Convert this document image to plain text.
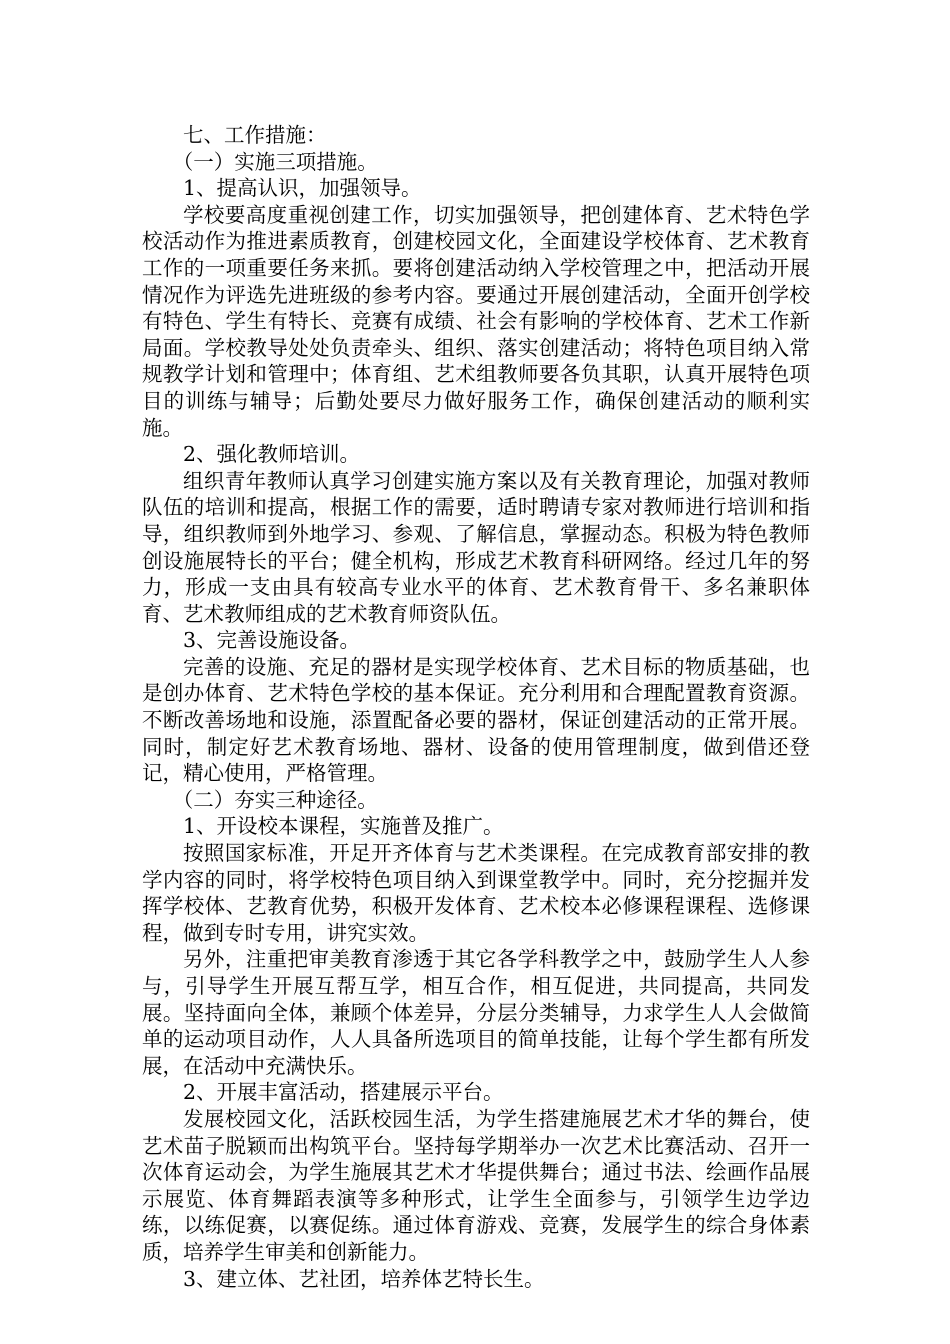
七、工作措施：

（一）实施三项措施。

1、提高认识，加强领导。

学校要高度重视创建工作，切实加强领导，把创建体育、艺术特色学校活动作为推进素质教育，创建校园文化，全面建设学校体育、艺术教育工作的一项重要任务来抓。要将创建活动纳入学校管理之中，把活动开展情况作为评选先进班级的参考内容。要通过开展创建活动，全面开创学校有特色、学生有特长、竞赛有成绩、社会有影响的学校体育、艺术工作新局面。学校教导处处负责牵头、组织、落实创建活动；将特色项目纳入常规教学计划和管理中；体育组、艺术组教师要各负其职，认真开展特色项目的训练与辅导；后勤处要尽力做好服务工作，确保创建活动的顺利实施。

2、强化教师培训。

组织青年教师认真学习创建实施方案以及有关教育理论，加强对教师队伍的培训和提高，根据工作的需要，适时聘请专家对教师进行培训和指导，组织教师到外地学习、参观、了解信息，掌握动态。积极为特色教师创设施展特长的平台；健全机构，形成艺术教育科研网络。经过几年的努力，形成一支由具有较高专业水平的体育、艺术教育骨干、多名兼职体育、艺术教师组成的艺术教育师资队伍。

3、完善设施设备。

完善的设施、充足的器材是实现学校体育、艺术目标的物质基础，也是创办体育、艺术特色学校的基本保证。充分利用和合理配置教育资源。不断改善场地和设施，添置配备必要的器材，保证创建活动的正常开展。同时，制定好艺术教育场地、器材、设备的使用管理制度，做到借还登记，精心使用，严格管理。

（二）夯实三种途径。

1、开设校本课程，实施普及推广。

按照国家标准，开足开齐体育与艺术类课程。在完成教育部安排的教学内容的同时，将学校特色项目纳入到课堂教学中。同时，充分挖掘并发挥学校体、艺教育优势，积极开发体育、艺术校本必修课程课程、选修课程，做到专时专用，讲究实效。

另外，注重把审美教育渗透于其它各学科教学之中，鼓励学生人人参与，引导学生开展互帮互学，相互合作，相互促进，共同提高，共同发展。坚持面向全体，兼顾个体差异，分层分类辅导，力求学生人人会做简单的运动项目动作，人人具备所选项目的简单技能，让每个学生都有所发展，在活动中充满快乐。

2、开展丰富活动，搭建展示平台。

发展校园文化，活跃校园生活，为学生搭建施展艺术才华的舞台，使艺术苗子脱颖而出构筑平台。坚持每学期举办一次艺术比赛活动、召开一次体育运动会，为学生施展其艺术才华提供舞台；通过书法、绘画作品展示展览、体育舞蹈表演等多种形式，让学生全面参与，引领学生边学边练，以练促赛，以赛促练。通过体育游戏、竞赛，发展学生的综合身体素质，培养学生审美和创新能力。

3、建立体、艺社团，培养体艺特长生。
